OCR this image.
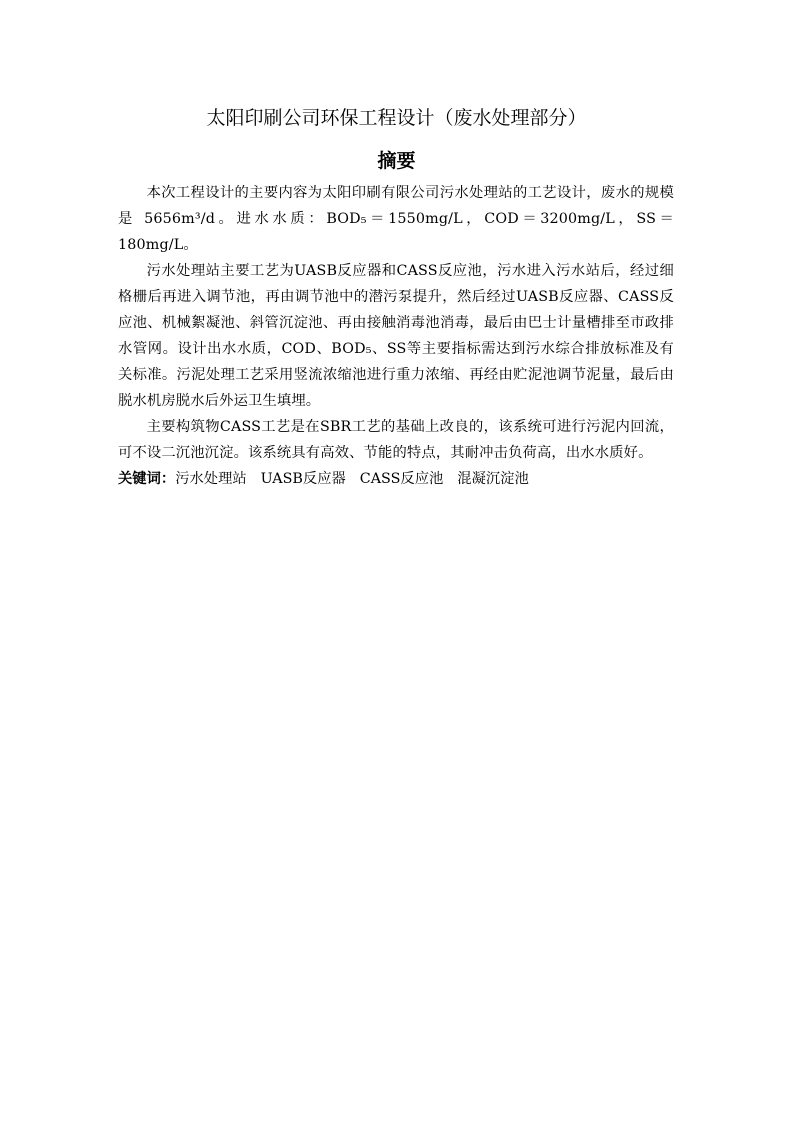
太阳印刷公司环保工程设计（废水处理部分）
摘要

本次工程设计的主要内容为太阳印刷有限公司污水处理站的工艺设计，废水的规模是 5656m³/d。进水水质：BOD₅＝1550mg/L，COD＝3200mg/L，SS＝180mg/L。

污水处理站主要工艺为UASB反应器和CASS反应池，污水进入污水站后，经过细格栅后再进入调节池，再由调节池中的潜污泵提升，然后经过UASB反应器、CASS反应池、机械絮凝池、斜管沉淀池、再由接触消毒池消毒，最后由巴士计量槽排至市政排水管网。设计出水水质，COD、BOD₅、SS等主要指标需达到污水综合排放标准及有关标准。污泥处理工艺采用竖流浓缩池进行重力浓缩、再经由贮泥池调节泥量，最后由脱水机房脱水后外运卫生填埋。

主要构筑物CASS工艺是在SBR工艺的基础上改良的，该系统可进行污泥内回流，可不设二沉池沉淀。该系统具有高效、节能的特点，其耐冲击负荷高，出水水质好。

关键词：污水处理站 UASB反应器 CASS反应池 混凝沉淀池
